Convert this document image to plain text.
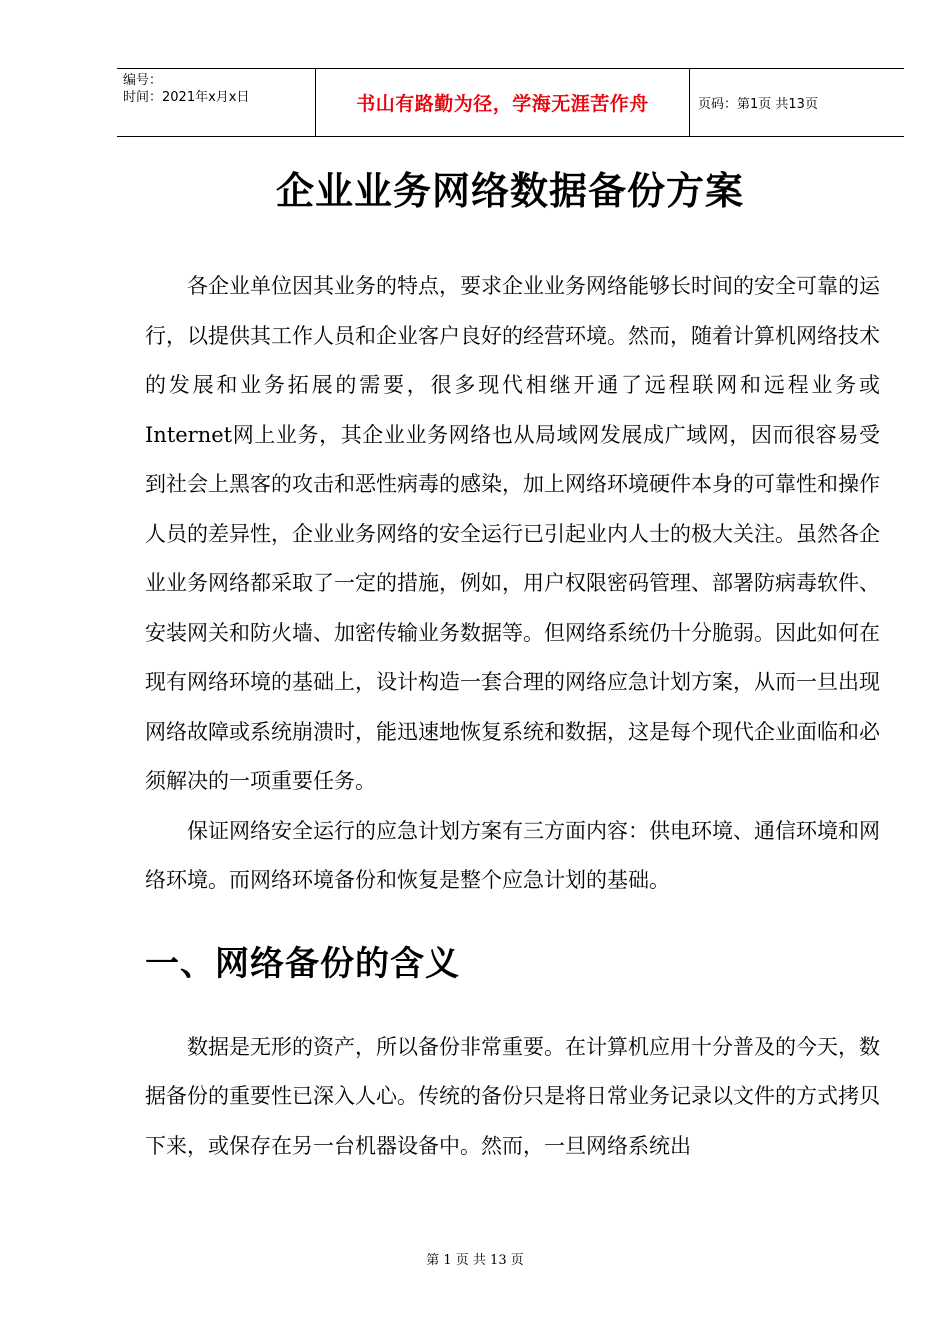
编号：
时间：2021年x月x日	书山有路勤为径，学海无涯苦作舟	页码：第1页 共13页
企业业务网络数据备份方案

各企业单位因其业务的特点，要求企业业务网络能够长时间的安全可靠的运行，以提供其工作人员和企业客户良好的经营环境。然而，随着计算机网络技术的发展和业务拓展的需要，很多现代相继开通了远程联网和远程业务或Internet网上业务，其企业业务网络也从局域网发展成广域网，因而很容易受到社会上黑客的攻击和恶性病毒的感染，加上网络环境硬件本身的可靠性和操作人员的差异性，企业业务网络的安全运行已引起业内人士的极大关注。虽然各企业业务网络都采取了一定的措施，例如，用户权限密码管理、部署防病毒软件、安装网关和防火墙、加密传输业务数据等。但网络系统仍十分脆弱。因此如何在现有网络环境的基础上，设计构造一套合理的网络应急计划方案，从而一旦出现网络故障或系统崩溃时，能迅速地恢复系统和数据，这是每个现代企业面临和必须解决的一项重要任务。

保证网络安全运行的应急计划方案有三方面内容：供电环境、通信环境和网络环境。而网络环境备份和恢复是整个应急计划的基础。

一、网络备份的含义

数据是无形的资产，所以备份非常重要。在计算机应用十分普及的今天，数据备份的重要性已深入人心。传统的备份只是将日常业务记录以文件的方式拷贝下来，或保存在另一台机器设备中。然而，一旦网络系统出

第 1 页 共 13 页
